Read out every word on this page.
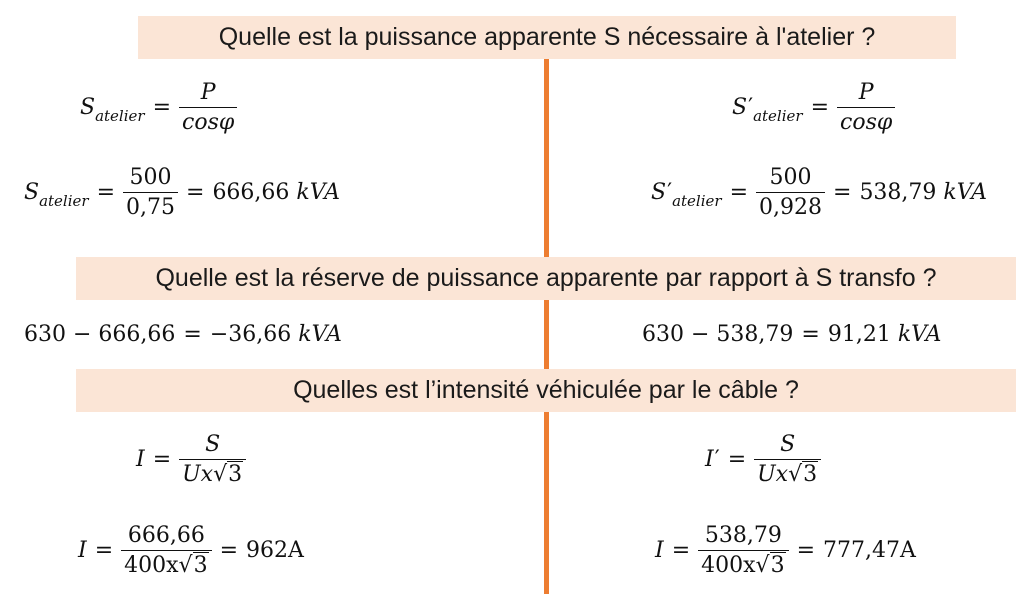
Quelle est la puissance apparente S nécessaire à l'atelier ?
Quelle est la réserve de puissance apparente par rapport à S transfo ?
Quelles est l’intensité véhiculée par le câble ?
S atelier = $\frac{P}{\cos\varphi}$
S atelier = $\frac{500}{0,75} = 666,66$
kVA
630 − 666,66 = −36,66
kVA
$I = \frac{S}{Ux√3}$
$I = \frac{666,66}{400x√3} = 962A$
S ′ atelier = $\frac{P}{\cos\varphi}$
S ′ atelier = $\frac{500}{0,928} = 538,79$
kVA
630 − 538,79 = 91,21
kVA
I ′ = $\frac{S}{Ux√3}$
$I = \frac{538,79}{400x√3} = 777,47A$
